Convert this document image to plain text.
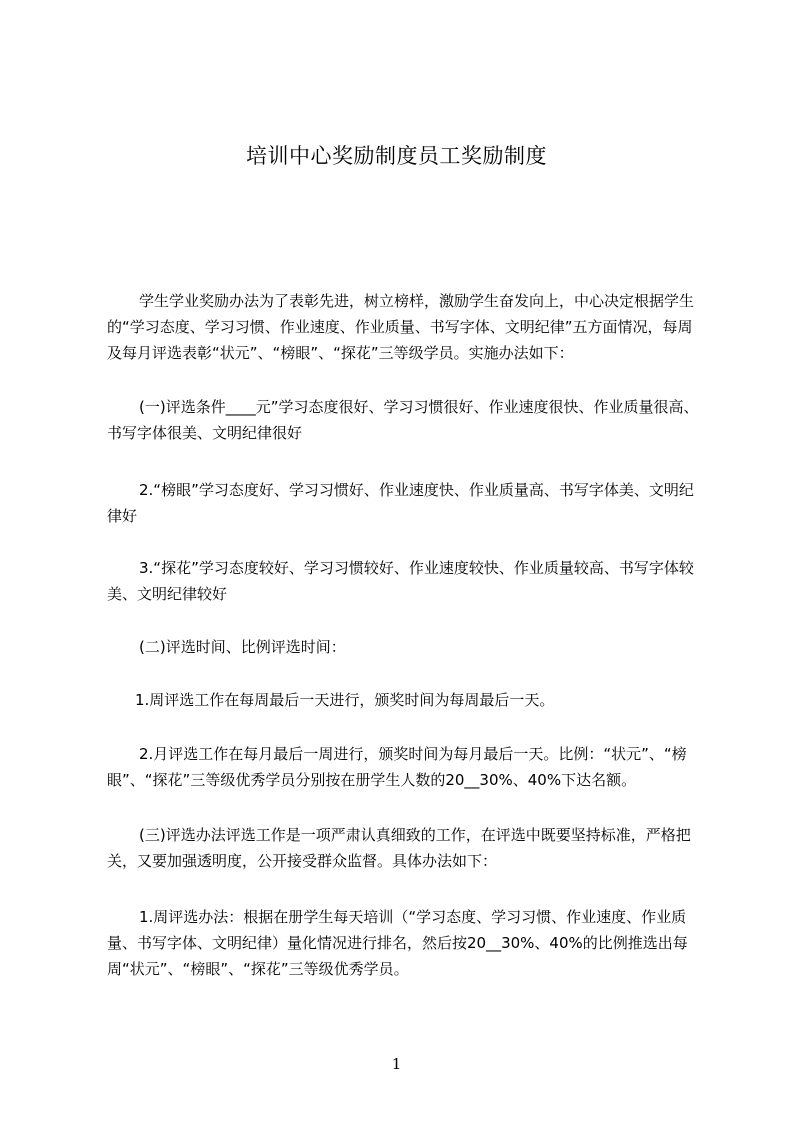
培训中心奖励制度员工奖励制度

学生学业奖励办法为了表彰先进，树立榜样，激励学生奋发向上，中心决定根据学生的“学习态度、学习习惯、作业速度、作业质量、书写字体、文明纪律”五方面情况，每周及每月评选表彰“状元”、“榜眼”、“探花”三等级学员。实施办法如下：

(一)评选条件____元”学习态度很好、学习习惯很好、作业速度很快、作业质量很高、书写字体很美、文明纪律很好

2.“榜眼”学习态度好、学习习惯好、作业速度快、作业质量高、书写字体美、文明纪律好

3.“探花”学习态度较好、学习习惯较好、作业速度较快、作业质量较高、书写字体较美、文明纪律较好

(二)评选时间、比例评选时间：

1.周评选工作在每周最后一天进行，颁奖时间为每周最后一天。

2.月评选工作在每月最后一周进行，颁奖时间为每月最后一天。比例：“状元”、“榜眼”、“探花”三等级优秀学员分别按在册学生人数的20__30%、40%下达名额。

(三)评选办法评选工作是一项严肃认真细致的工作，在评选中既要坚持标准，严格把关，又要加强透明度，公开接受群众监督。具体办法如下：

1.周评选办法：根据在册学生每天培训（“学习态度、学习习惯、作业速度、作业质量、书写字体、文明纪律）量化情况进行排名，然后按20__30%、40%的比例推选出每周“状元”、“榜眼”、“探花”三等级优秀学员。

1
